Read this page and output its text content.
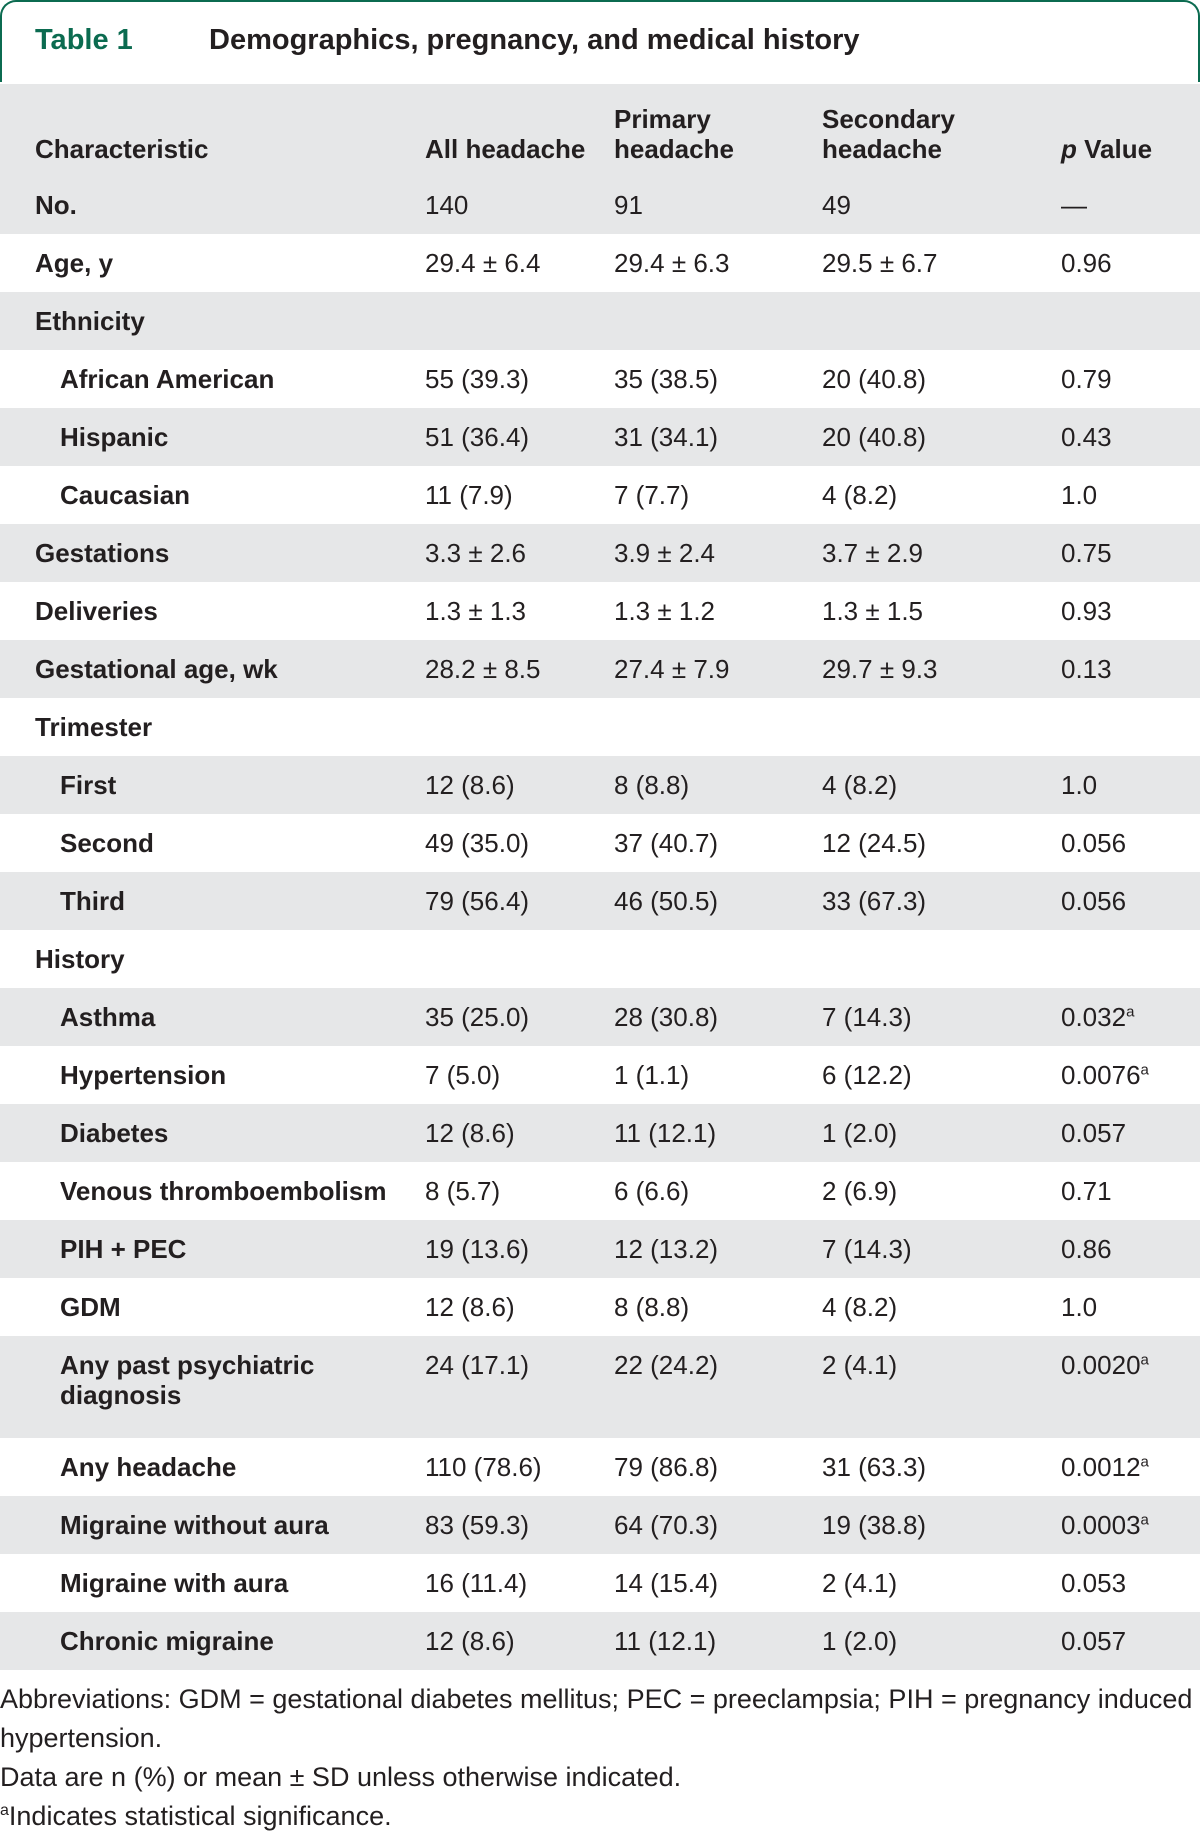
Table 1	Demographics, pregnancy, and medical history
Characteristic	All headache	Primary headache	Secondary headache	p Value
No.	140	91	49	—
Age, y	29.4 ± 6.4	29.4 ± 6.3	29.5 ± 6.7	0.96
Ethnicity				
African American	55 (39.3)	35 (38.5)	20 (40.8)	0.79
Hispanic	51 (36.4)	31 (34.1)	20 (40.8)	0.43
Caucasian	11 (7.9)	7 (7.7)	4 (8.2)	1.0
Gestations	3.3 ± 2.6	3.9 ± 2.4	3.7 ± 2.9	0.75
Deliveries	1.3 ± 1.3	1.3 ± 1.2	1.3 ± 1.5	0.93
Gestational age, wk	28.2 ± 8.5	27.4 ± 7.9	29.7 ± 9.3	0.13
Trimester				
First	12 (8.6)	8 (8.8)	4 (8.2)	1.0
Second	49 (35.0)	37 (40.7)	12 (24.5)	0.056
Third	79 (56.4)	46 (50.5)	33 (67.3)	0.056
History				
Asthma	35 (25.0)	28 (30.8)	7 (14.3)	0.032$^a$
Hypertension	7 (5.0)	1 (1.1)	6 (12.2)	0.0076$^a$
Diabetes	12 (8.6)	11 (12.1)	1 (2.0)	0.057
Venous thromboembolism	8 (5.7)	6 (6.6)	2 (6.9)	0.71
PIH + PEC	19 (13.6)	12 (13.2)	7 (14.3)	0.86
GDM	12 (8.6)	8 (8.8)	4 (8.2)	1.0
Any past psychiatric diagnosis	24 (17.1)	22 (24.2)	2 (4.1)	0.0020$^a$
Any headache	110 (78.6)	79 (86.8)	31 (63.3)	0.0012$^a$
Migraine without aura	83 (59.3)	64 (70.3)	19 (38.8)	0.0003$^a$
Migraine with aura	16 (11.4)	14 (15.4)	2 (4.1)	0.053
Chronic migraine	12 (8.6)	11 (12.1)	1 (2.0)	0.057

Abbreviations: GDM = gestational diabetes mellitus; PEC = preeclampsia; PIH = pregnancy induced hypertension.

Data are n (%) or mean ± SD unless otherwise indicated.

$^a$Indicates statistical significance.
